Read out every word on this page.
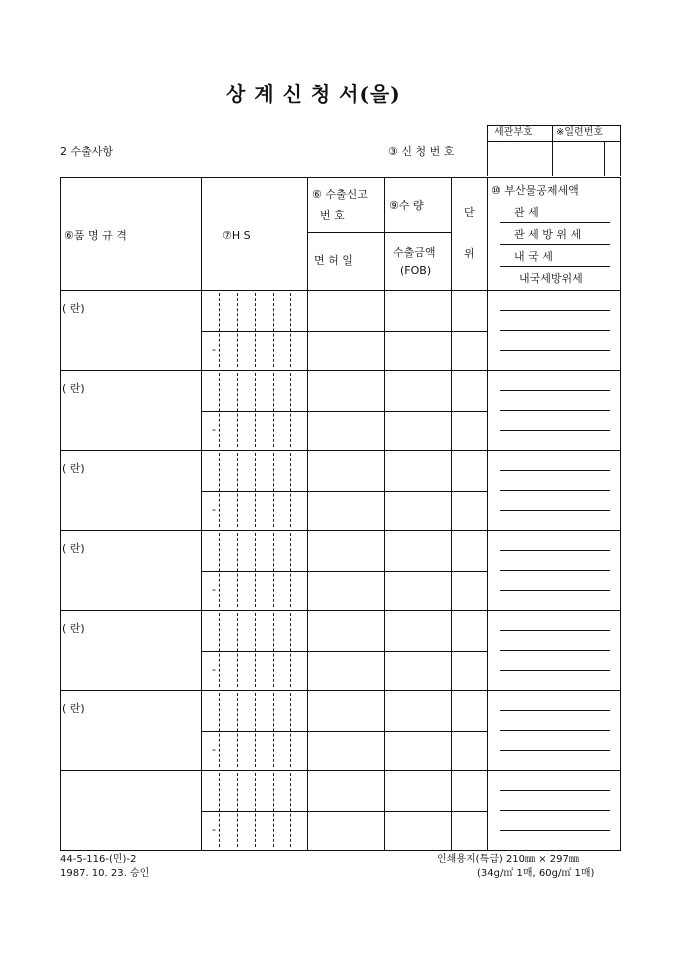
상 계 신 청 서(을)
2 수출사항	③ 신 청 번 호
세관부호 ※일련번호
⑥품 명 규 격	⑦H S
⑥ 수출신고
번 호
면 허 일
⑨수 량
수출금액
(FOB)
단
위
⑩ 부산물공제세액
관 세
관 세 방 위 세
내 국 세
내국세방위세
( 란)
-
( 란)
-
( 란)
-
( 란)
-
( 란)
-
( 란)
-
-
44-5-116-(민)-2
1987. 10. 23. 승인
인쇄용지(특급) 210㎜ × 297㎜
(34g/㎡ 1매, 60g/㎡ 1매)
